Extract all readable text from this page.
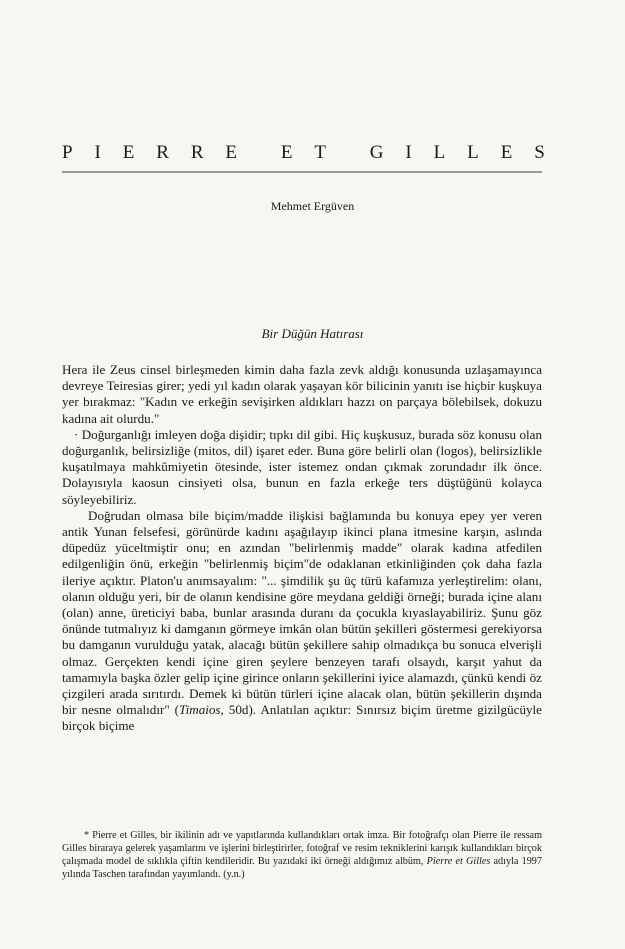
P I E R R E E T G I L L E S
Mehmet Ergüven
Bir Düğün Hatırası

Hera ile Zeus cinsel birleşmeden kimin daha fazla zevk aldığı konusunda uzlaşamayınca devreye Teiresias girer; yedi yıl kadın olarak yaşayan kör bilicinin yanıtı ise hiçbir kuşkuya yer bırakmaz: "Kadın ve erkeğin sevişirken aldıkları hazzı on parçaya bölebilsek, dokuzu kadına ait olurdu."

· Doğurganlığı imleyen doğa dişidir; tıpkı dil gibi. Hiç kuşkusuz, burada söz konusu olan doğurganlık, belirsizliğe (mitos, dil) işaret eder. Buna göre belirli olan (logos), belirsizlikle kuşatılmaya mahkûmiyetin ötesinde, ister istemez ondan çıkmak zorundadır ilk önce. Dolayısıyla kaosun cinsiyeti olsa, bunun en fazla erkeğe ters düştüğünü kolayca söyleyebiliriz.

Doğrudan olmasa bile biçim/madde ilişkisi bağlamında bu konuya epey yer veren antik Yunan felsefesi, görünürde kadını aşağılayıp ikinci plana itmesine karşın, aslında düpedüz yüceltmiştir onu; en azından "belirlenmiş madde" olarak kadına atfedilen edilgenliğin önü, erkeğin "belirlenmiş biçim"de odaklanan etkinliğinden çok daha fazla ileriye açıktır. Platon'u anımsayalım: "... şimdilik şu üç türü kafamıza yerleştirelim: olanı, olanın olduğu yeri, bir de olanın kendisine göre meydana geldiği örneği; burada içine alanı (olan) anne, üreticiyi baba, bunlar arasında duranı da çocukla kıyaslayabiliriz. Şunu göz önünde tutmalıyız ki damganın görmeye imkân olan bütün şekilleri göstermesi gerekiyorsa bu damganın vurulduğu yatak, alacağı bütün şekillere sahip olmadıkça bu sonuca elverişli olmaz. Gerçekten kendi içine giren şeylere benzeyen tarafı olsaydı, karşıt yahut da tamamıyla başka özler gelip içine girince onların şekillerini iyice alamazdı, çünkü kendi öz çizgileri arada sırıtırdı. Demek ki bütün türleri içine alacak olan, bütün şekillerin dışında bir nesne olmalıdır" (Timaios, 50d). Anlatılan açıktır: Sınırsız biçim üretme gizilgücüyle birçok biçime

* Pierre et Gilles, bir ikilinin adı ve yapıtlarında kullandıkları ortak imza. Bir fotoğrafçı olan Pierre ile ressam Gilles biraraya gelerek yaşamlarını ve işlerini birleştirirler, fotoğraf ve resim tekniklerini karışık kullandıkları birçok çalışmada model de sıklıkla çiftin kendileridir. Bu yazıdaki iki örneği aldığımız albüm, Pierre et Gilles adıyla 1997 yılında Taschen tarafından yayımlandı. (y.n.)
